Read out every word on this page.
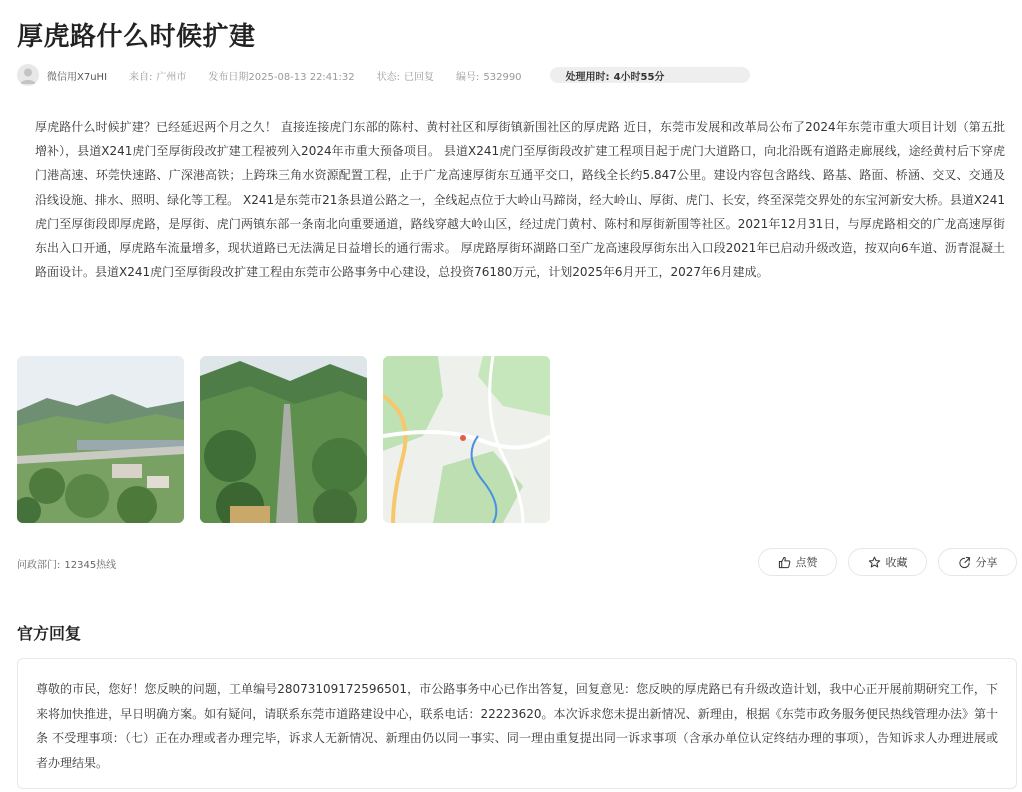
厚虎路什么时候扩建
微信用X7uHI 来自: 广州市 发布日期2025-08-13 22:41:32 状态: 已回复 编号: 532990	处理用时: 4小时55分
厚虎路什么时候扩建？已经延迟两个月之久！ 直接连接虎门东部的陈村、黄村社区和厚街镇新围社区的厚虎路 近日，东莞市发展和改革局公布了2024年东莞市重大项目计划（第五批增补），县道X241虎门至厚街段改扩建工程被列入2024年市重大预备项目。 县道X241虎门至厚街段改扩建工程项目起于虎门大道路口，向北沿既有道路走廊展线，途经黄村后下穿虎门港高速、环莞快速路、广深港高铁；上跨珠三角水资源配置工程，止于广龙高速厚街东互通平交口，路线全长约5.847公里。建设内容包含路线、路基、路面、桥涵、交叉、交通及沿线设施、排水、照明、绿化等工程。 X241是东莞市21条县道公路之一，全线起点位于大岭山马蹄岗，经大岭山、厚街、虎门、长安，终至深莞交界处的东宝河新安大桥。县道X241虎门至厚街段即厚虎路，是厚街、虎门两镇东部一条南北向重要通道，路线穿越大岭山区，经过虎门黄村、陈村和厚街新围等社区。2021年12月31日，与厚虎路相交的广龙高速厚街东出入口开通，厚虎路车流量增多，现状道路已无法满足日益增长的通行需求。 厚虎路厚街环湖路口至广龙高速段厚街东出入口段2021年已启动升级改造，按双向6车道、沥青混凝土路面设计。县道X241虎门至厚街段改扩建工程由东莞市公路事务中心建设，总投资76180万元，计划2025年6月开工，2027年6月建成。
问政部门: 12345热线	点赞	收藏	分享
官方回复

尊敬的市民，您好！您反映的问题，工单编号28073109172596501，市公路事务中心已作出答复，回复意见：您反映的厚虎路已有升级改造计划，我中心正开展前期研究工作，下来将加快推进，早日明确方案。如有疑问，请联系东莞市道路建设中心，联系电话：22223620。本次诉求您未提出新情况、新理由，根据《东莞市政务服务便民热线管理办法》第十条 不受理事项：（七）正在办理或者办理完毕，诉求人无新情况、新理由仍以同一事实、同一理由重复提出同一诉求事项（含承办单位认定终结办理的事项），告知诉求人办理进展或者办理结果。
